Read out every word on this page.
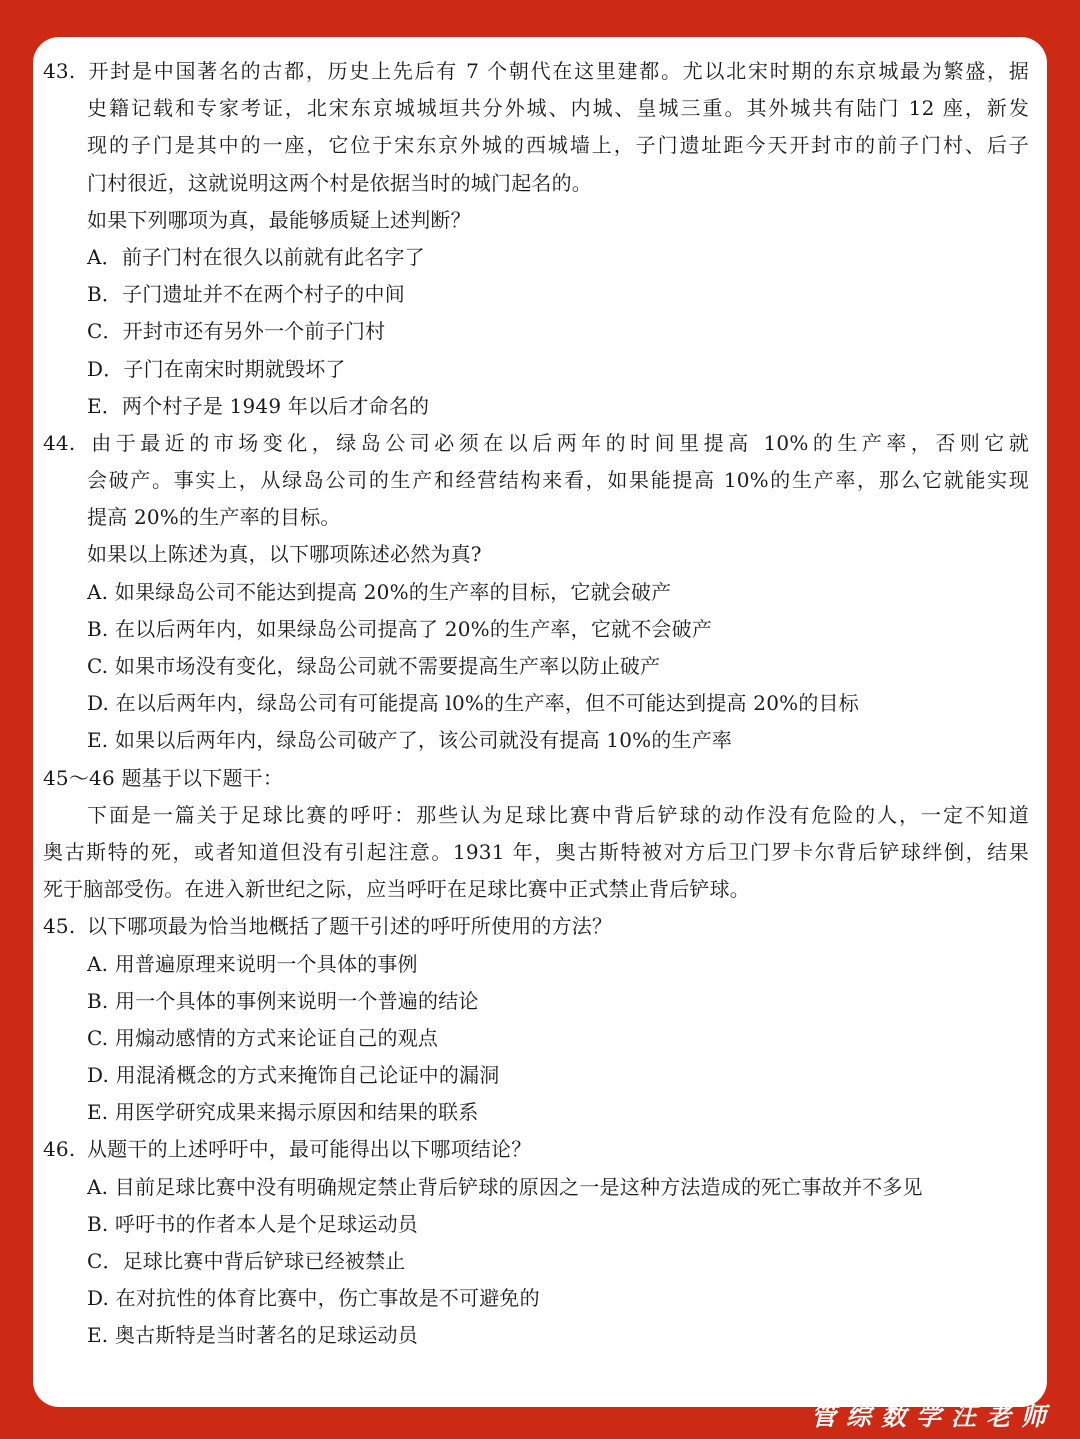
43. 开封是中国著名的古都，历史上先后有 7 个朝代在这里建都。尤以北宋时期的东京城最为繁盛，据
史籍记载和专家考证，北宋东京城城垣共分外城、内城、皇城三重。其外城共有陆门 12 座，新发
现的子门是其中的一座，它位于宋东京外城的西城墙上，子门遗址距今天开封市的前子门村、后子
门村很近，这就说明这两个村是依据当时的城门起名的。
如果下列哪项为真，最能够质疑上述判断？
A．前子门村在很久以前就有此名字了
B．子门遗址并不在两个村子的中间
C．开封市还有另外一个前子门村
D．子门在南宋时期就毁坏了
E．两个村子是 1949 年以后才命名的
44. 由于最近的市场变化，绿岛公司必须在以后两年的时间里提高 10%的生产率，否则它就
会破产。事实上，从绿岛公司的生产和经营结构来看，如果能提高 10%的生产率，那么它就能实现
提高 20%的生产率的目标。
如果以上陈述为真，以下哪项陈述必然为真?
A. 如果绿岛公司不能达到提高 20%的生产率的目标，它就会破产
B. 在以后两年内，如果绿岛公司提高了 20%的生产率，它就不会破产
C. 如果市场没有变化，绿岛公司就不需要提高生产率以防止破产
D. 在以后两年内，绿岛公司有可能提高 l0%的生产率，但不可能达到提高 20%的目标
E. 如果以后两年内，绿岛公司破产了，该公司就没有提高 10%的生产率
45～46 题基于以下题干：
下面是一篇关于足球比赛的呼吁：那些认为足球比赛中背后铲球的动作没有危险的人，一定不知道
奥古斯特的死，或者知道但没有引起注意。1931 年，奥古斯特被对方后卫门罗卡尔背后铲球绊倒，结果
死于脑部受伤。在进入新世纪之际，应当呼吁在足球比赛中正式禁止背后铲球。
45. 以下哪项最为恰当地概括了题干引述的呼吁所使用的方法？
A. 用普遍原理来说明一个具体的事例
B. 用一个具体的事例来说明一个普遍的结论
C. 用煽动感情的方式来论证自己的观点
D. 用混淆概念的方式来掩饰自己论证中的漏洞
E. 用医学研究成果来揭示原因和结果的联系
46. 从题干的上述呼吁中，最可能得出以下哪项结论？
A. 目前足球比赛中没有明确规定禁止背后铲球的原因之一是这种方法造成的死亡事故并不多见
B. 呼吁书的作者本人是个足球运动员
C．足球比赛中背后铲球已经被禁止
D. 在对抗性的体育比赛中，伤亡事故是不可避免的
E. 奥古斯特是当时著名的足球运动员
管综数学汪老师
